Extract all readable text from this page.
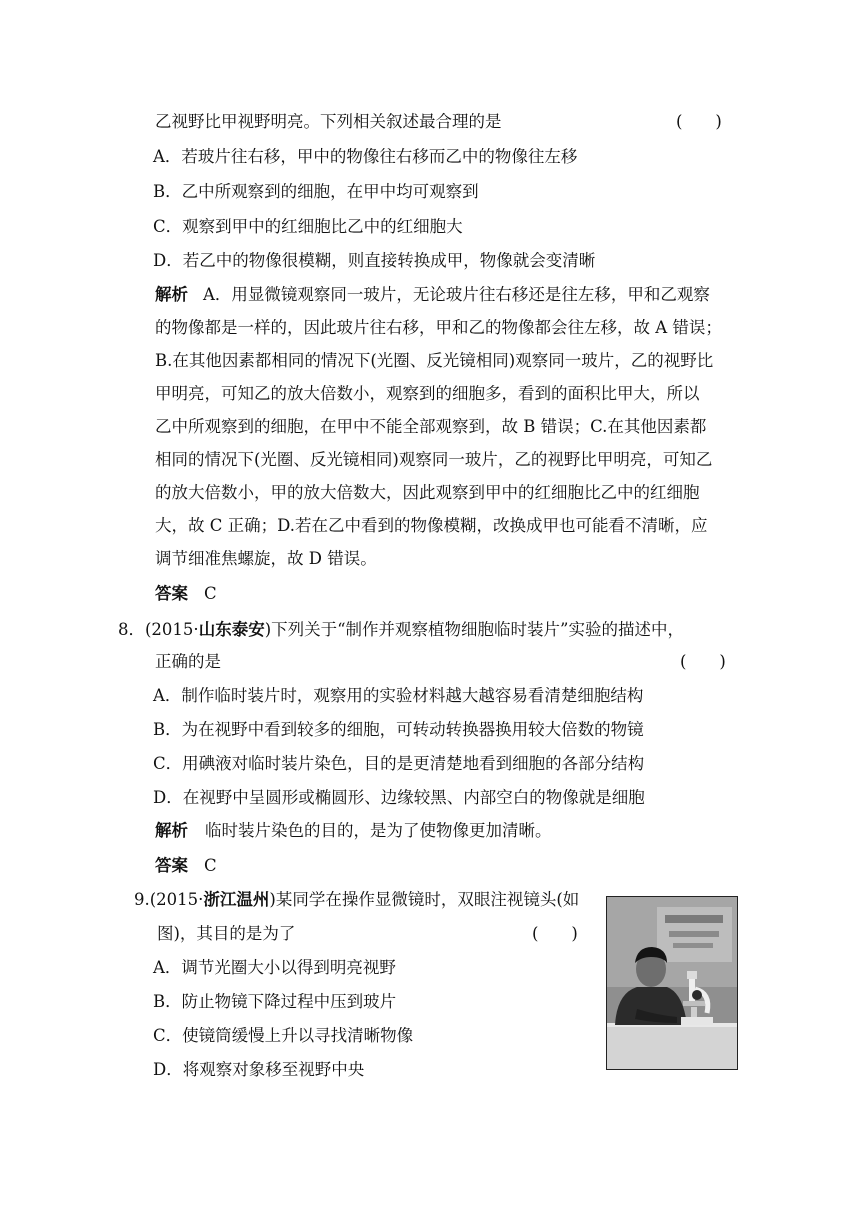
乙视野比甲视野明亮。下列相关叙述最合理的是	(　　)
A．若玻片往右移，甲中的物像往右移而乙中的物像往左移
B．乙中所观察到的细胞，在甲中均可观察到
C．观察到甲中的红细胞比乙中的红细胞大
D．若乙中的物像很模糊，则直接转换成甲，物像就会变清晰
解析 A．用显微镜观察同一玻片，无论玻片往右移还是往左移，甲和乙观察
的物像都是一样的，因此玻片往右移，甲和乙的物像都会往左移，故 A 错误；
B.在其他因素都相同的情况下(光圈、反光镜相同)观察同一玻片，乙的视野比
甲明亮，可知乙的放大倍数小，观察到的细胞多，看到的面积比甲大，所以
乙中所观察到的细胞，在甲中不能全部观察到，故 B 错误；C.在其他因素都
相同的情况下(光圈、反光镜相同)观察同一玻片，乙的视野比甲明亮，可知乙
的放大倍数小，甲的放大倍数大，因此观察到甲中的红细胞比乙中的红细胞
大，故 C 正确；D.若在乙中看到的物像模糊，改换成甲也可能看不清晰，应
调节细准焦螺旋，故 D 错误。
答案 C
8．(2015·山东泰安)下列关于“制作并观察植物细胞临时装片”实验的描述中，
正确的是	(　　)
A．制作临时装片时，观察用的实验材料越大越容易看清楚细胞结构
B．为在视野中看到较多的细胞，可转动转换器换用较大倍数的物镜
C．用碘液对临时装片染色，目的是更清楚地看到细胞的各部分结构
D．在视野中呈圆形或椭圆形、边缘较黑、内部空白的物像就是细胞
解析 临时装片染色的目的，是为了使物像更加清晰。
答案 C
9.(2015·浙江温州)某同学在操作显微镜时，双眼注视镜头(如
图)，其目的是为了	(　　)
A．调节光圈大小以得到明亮视野
B．防止物镜下降过程中压到玻片
C．使镜筒缓慢上升以寻找清晰物像
D．将观察对象移至视野中央
